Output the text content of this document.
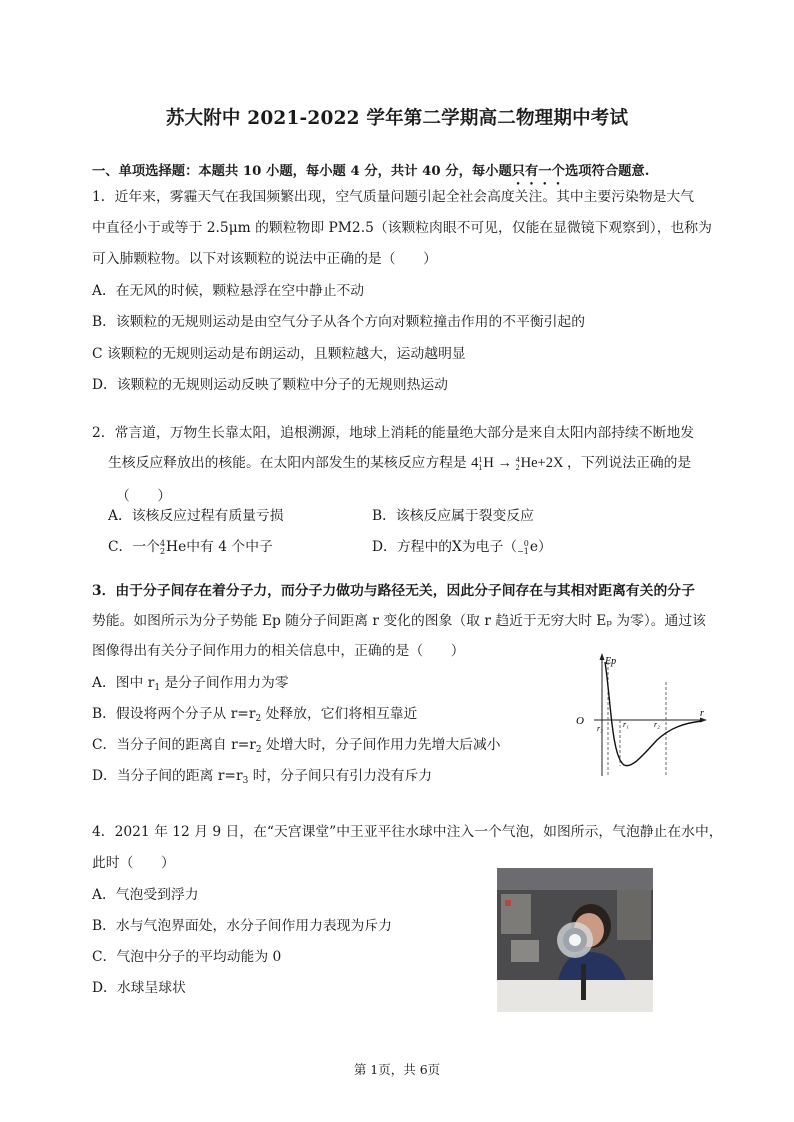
苏大附中 2021-2022 学年第二学期高二物理期中考试
一、单项选择题：本题共 10 小题，每小题 4 分，共计 40 分，每小题只有一个选项符合题意.
1．近年来，雾霾天气在我国频繁出现，空气质量问题引起全社会高度关注。其中主要污染物是大气
中直径小于或等于 2.5μm 的颗粒物即 PM2.5（该颗粒肉眼不可见，仅能在显微镜下观察到），也称为
可入肺颗粒物。以下对该颗粒的说法中正确的是（　　）
A．在无风的时候，颗粒悬浮在空中静止不动
B．该颗粒的无规则运动是由空气分子从各个方向对颗粒撞击作用的不平衡引起的
C 该颗粒的无规则运动是布朗运动，且颗粒越大，运动越明显
D．该颗粒的无规则运动反映了颗粒中分子的无规则热运动
2．常言道，万物生长靠太阳，追根溯源，地球上消耗的能量绝大部分是来自太阳内部持续不断地发
生核反应释放出的核能。在太阳内部发生的某核反应方程是 41
1H → 4
2He+2X ，下列说法正确的是
（　　）
A．该核反应过程有质量亏损	B．该核反应属于裂变反应
C．一个4
2He中有 4 个中子	D．方程中的X为电子（ 0
−1e）
3．由于分子间存在着分子力，而分子力做功与路径无关，因此分子间存在与其相对距离有关的分子
势能。如图所示为分子势能 Ep 随分子间距离 r 变化的图象（取 r 趋近于无穷大时 Eₚ 为零）。通过该
图像得出有关分子间作用力的相关信息中，正确的是（　　）
A．图中 $r_1$ 是分子间作用力为零
B．假设将两个分子从 $r=r_2$ 处释放，它们将相互靠近
C．当分子间的距离自 $r=r_2$ 处增大时，分子间作用力先增大后减小
D．当分子间的距离 $r=r_3$ 时，分子间只有引力没有斥力
Ep
r
O
r₃	r₁	r₂
4．2021 年 12 月 9 日，在“天宫课堂”中王亚平往水球中注入一个气泡，如图所示，气泡静止在水中，
此时（　　）
A．气泡受到浮力
B．水与气泡界面处，水分子间作用力表现为斥力
C．气泡中分子的平均动能为 0
D．水球呈球状
第 1页，共 6页
